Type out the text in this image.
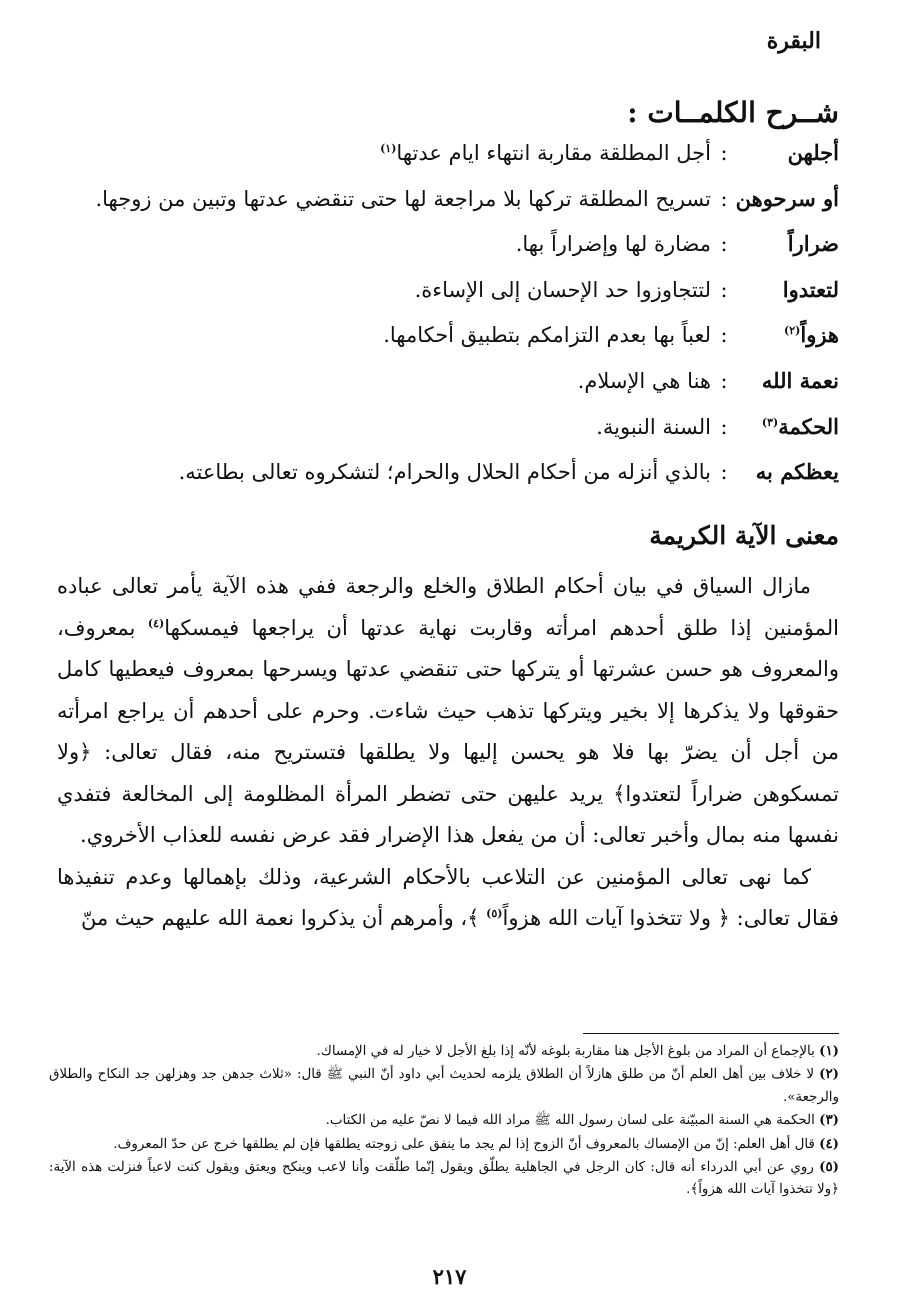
البقرة
شــرح الكلمــات :
أجلهن
:
أجل المطلقة مقاربة انتهاء ايام عدتها$^{(١)}$
أو سرحوهن
:
تسريح المطلقة تركها بلا مراجعة لها حتى تنقضي عدتها وتبين من زوجها.
ضراراً
:
مضارة لها وإضراراً بها.
لتعتدوا
:
لتتجاوزوا حد الإحسان إلى الإساءة.
هزواً$^{(٢)}$
:
لعباً بها بعدم التزامكم بتطبيق أحكامها.
نعمة الله
:
هنا هي الإسلام.
الحكمة$^{(٣)}$
:
السنة النبوية.
يعظكم به
:
بالذي أنزله من أحكام الحلال والحرام؛ لتشكروه تعالى بطاعته.
معنى الآية الكريمة

مازال السياق في بيان أحكام الطلاق والخلع والرجعة ففي هذه الآية يأمر تعالى عباده المؤمنين إذا طلق أحدهم امرأته وقاربت نهاية عدتها أن يراجعها فيمسكها$^{(٤)}$ بمعروف، والمعروف هو حسن عشرتها أو يتركها حتى تنقضي عدتها ويسرحها بمعروف فيعطيها كامل حقوقها ولا يذكرها إلا بخير ويتركها تذهب حيث شاءت. وحرم على أحدهم أن يراجع امرأته من أجل أن يضرّ بها فلا هو يحسن إليها ولا يطلقها فتستريح منه، فقال تعالى: ﴿ولا تمسكوهن ضراراً لتعتدوا﴾ يريد عليهن حتى تضطر المرأة المظلومة إلى المخالعة فتفدي نفسها منه بمال وأخبر تعالى: أن من يفعل هذا الإضرار فقد عرض نفسه للعذاب الأخروي.

كما نهى تعالى المؤمنين عن التلاعب بالأحكام الشرعية، وذلك بإهمالها وعدم تنفيذها فقال تعالى: ﴿ ولا تتخذوا آيات الله هزواً$^{(٥)}$ ﴾، وأمرهم أن يذكروا نعمة الله عليهم حيث منّ

(١) بالإجماع أن المراد من بلوغ الأجل هنا مقاربة بلوغه لأنّه إذا بلغ الأجل لا خيار له في الإمساك.

(٢) لا خلاف بين أهل العلم أنّ من طلق هازلاً أن الطلاق يلزمه لحديث أبي داود أنّ النبي ﷺ قال: «ثلاث جدهن جد وهزلهن جد النكاح والطلاق والرجعة».

(٣) الحكمة هي السنة المبيّنة على لسان رسول الله ﷺ مراد الله فيما لا نصّ عليه من الكتاب.

(٤) قال أهل العلم: إنّ من الإمساك بالمعروف أنّ الزوج إذا لم يجد ما ينفق على زوجته يطلقها فإن لم يطلقها خرج عن حدّ المعروف.

(٥) روي عن أبي الدرداء أنه قال: كان الرجل في الجاهلية يطلّق ويقول إنّما طلّقت وأنا لاعب وينكح ويعتق ويقول كنت لاعباً فنزلت هذه الآية: ﴿ولا تتخذوا آيات الله هزواً﴾.

٢١٧
